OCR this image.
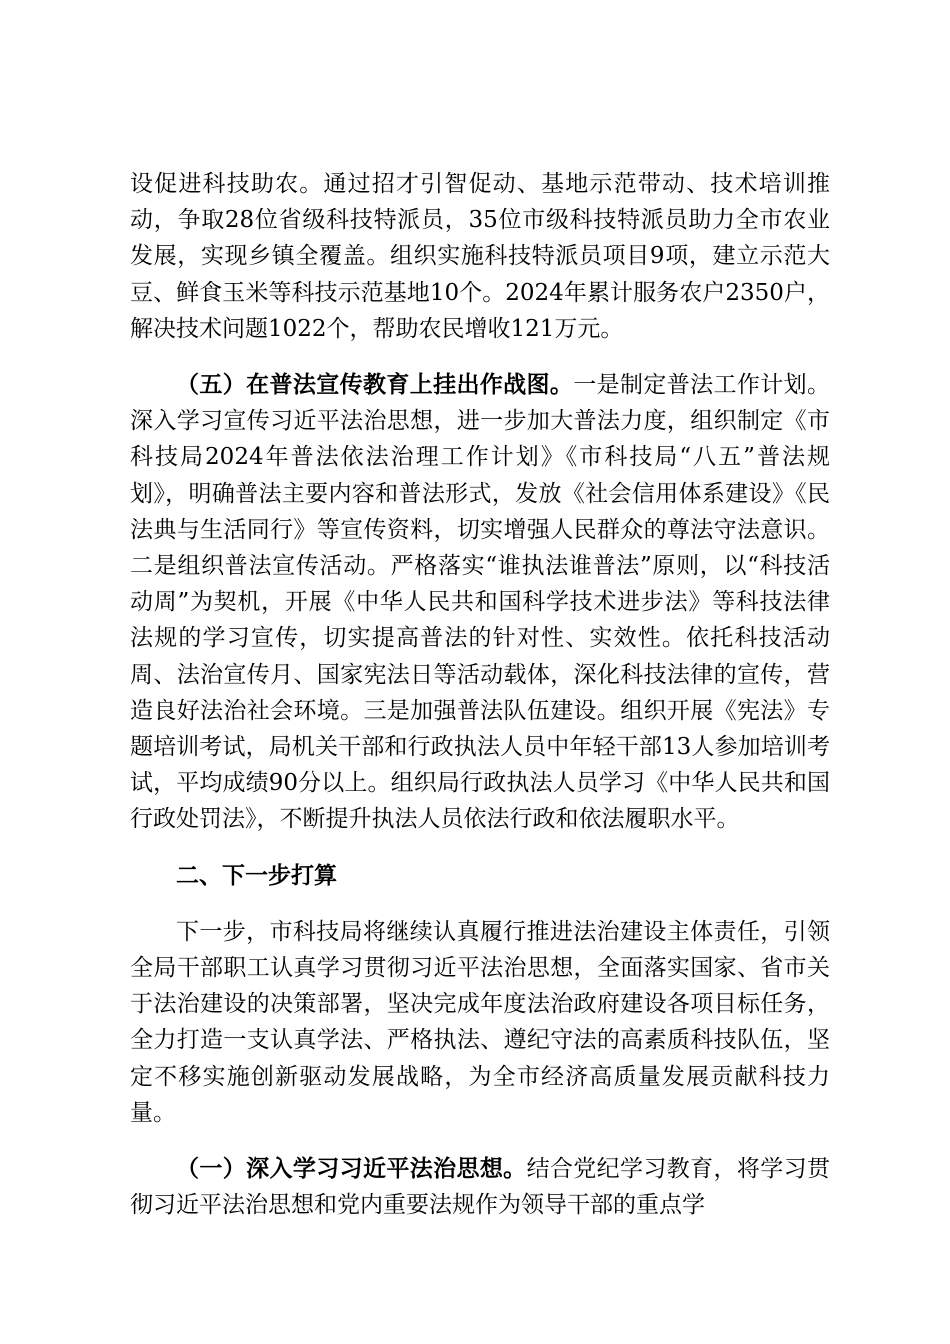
设促进科技助农。通过招才引智促动、基地示范带动、技术培训推动，争取28位省级科技特派员，35位市级科技特派员助力全市农业发展，实现乡镇全覆盖。组织实施科技特派员项目9项，建立示范大豆、鲜食玉米等科技示范基地10个。2024年累计服务农户2350户，解决技术问题1022个，帮助农民增收121万元。

（五）在普法宣传教育上挂出作战图。一是制定普法工作计划。深入学习宣传习近平法治思想，进一步加大普法力度，组织制定《市科技局2024年普法依法治理工作计划》《市科技局“八五”普法规划》，明确普法主要内容和普法形式，发放《社会信用体系建设》《民法典与生活同行》等宣传资料，切实增强人民群众的尊法守法意识。二是组织普法宣传活动。严格落实“谁执法谁普法”原则，以“科技活动周”为契机，开展《中华人民共和国科学技术进步法》等科技法律法规的学习宣传，切实提高普法的针对性、实效性。依托科技活动周、法治宣传月、国家宪法日等活动载体，深化科技法律的宣传，营造良好法治社会环境。三是加强普法队伍建设。组织开展《宪法》专题培训考试，局机关干部和行政执法人员中年轻干部13人参加培训考试，平均成绩90分以上。组织局行政执法人员学习《中华人民共和国行政处罚法》，不断提升执法人员依法行政和依法履职水平。

二、下一步打算

下一步，市科技局将继续认真履行推进法治建设主体责任，引领全局干部职工认真学习贯彻习近平法治思想，全面落实国家、省市关于法治建设的决策部署，坚决完成年度法治政府建设各项目标任务，全力打造一支认真学法、严格执法、遵纪守法的高素质科技队伍，坚定不移实施创新驱动发展战略，为全市经济高质量发展贡献科技力量。

（一）深入学习习近平法治思想。结合党纪学习教育，将学习贯彻习近平法治思想和党内重要法规作为领导干部的重点学
